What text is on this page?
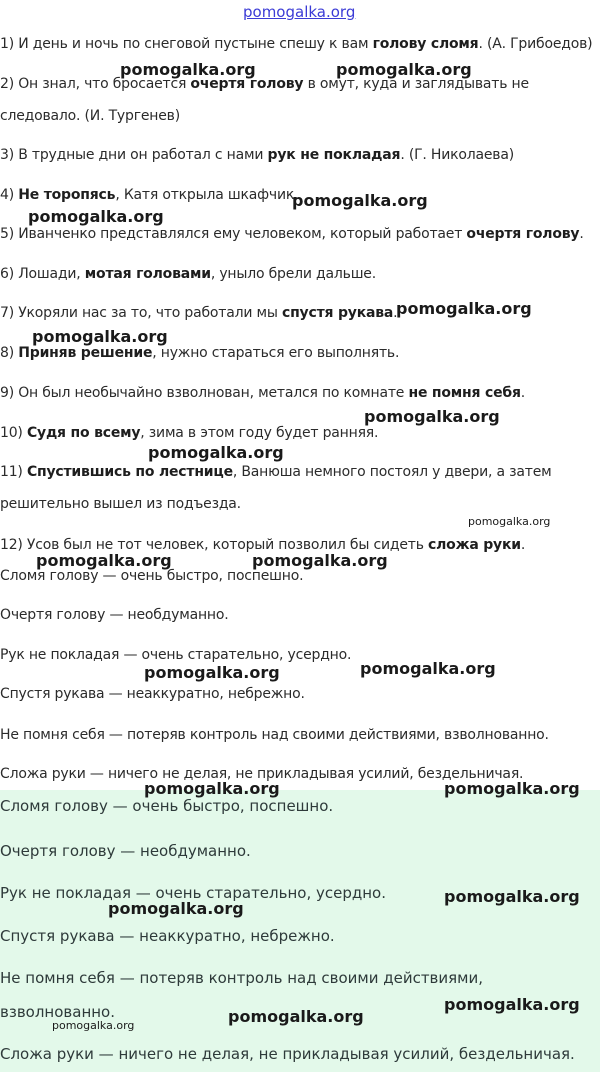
1) И день и ночь по снеговой пустыне спешу к вам голову сломя. (А. Грибоедов)
2) Он знал, что бросается очертя голову в омут, куда и заглядывать не
следовало. (И. Тургенев)
3) В трудные дни он работал с нами рук не покладая. (Г. Николаева)
4) Не торопясь, Катя открыла шкафчик.
5) Иванченко представлялся ему человеком, который работает очертя голову.
6) Лошади, мотая головами, уныло брели дальше.
7) Укоряли нас за то, что работали мы спустя рукава.
8) Приняв решение, нужно стараться его выполнять.
9) Он был необычайно взволнован, метался по комнате не помня себя.
10) Судя по всему, зима в этом году будет ранняя.
11) Спустившись по лестнице, Ванюша немного постоял у двери, а затем
решительно вышел из подъезда.
12) Усов был не тот человек, который позволил бы сидеть сложа руки.
Сломя голову — очень быстро, поспешно.
Очертя голову — необдуманно.
Рук не покладая — очень старательно, усердно.
Спустя рукава — неаккуратно, небрежно.
Не помня себя — потеряв контроль над своими действиями, взволнованно.
Сложа руки — ничего не делая, не прикладывая усилий, бездельничая.
Сломя голову — очень быстро, поспешно.
Очертя голову — необдуманно.
Рук не покладая — очень старательно, усердно.
Спустя рукава — неаккуратно, небрежно.
Не помня себя — потеряв контроль над своими действиями,
взволнованно.
Сложа руки — ничего не делая, не прикладывая усилий, бездельничая.
pomogalka.org
pomogalka.org	pomogalka.org
pomogalka.org
pomogalka.org
pomogalka.org
pomogalka.org
pomogalka.org
pomogalka.org
pomogalka.org
pomogalka.org	pomogalka.org
pomogalka.org	pomogalka.org
pomogalka.org	pomogalka.org
pomogalka.org
pomogalka.org
pomogalka.org
pomogalka.org
pomogalka.org
